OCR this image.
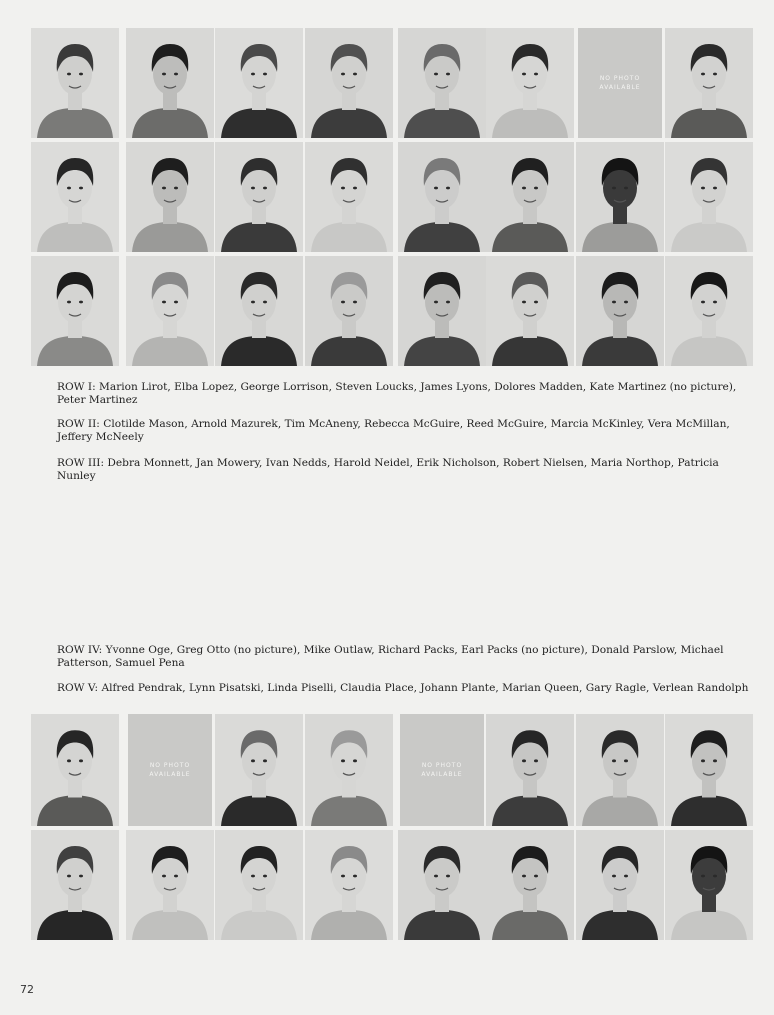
NO PHOTO AVAILABLE
ROW I: Marion Lirot, Elba Lopez, George Lorrison, Steven Loucks, James Lyons, Dolores Madden, Kate Martinez (no picture), Peter Martinez
ROW II: Clotilde Mason, Arnold Mazurek, Tim McAneny, Rebecca McGuire, Reed McGuire, Marcia McKinley, Vera McMillan, Jeffery McNeely
ROW III: Debra Monnett, Jan Mowery, Ivan Nedds, Harold Neidel, Erik Nicholson, Robert Nielsen, Maria Northop, Patricia Nunley
ROW IV: Yvonne Oge, Greg Otto (no picture), Mike Outlaw, Richard Packs, Earl Packs (no picture), Donald Parslow, Michael Patterson, Samuel Pena
ROW V: Alfred Pendrak, Lynn Pisatski, Linda Piselli, Claudia Place, Johann Plante, Marian Queen, Gary Ragle, Verlean Randolph
NO PHOTO AVAILABLE
NO PHOTO AVAILABLE
72
